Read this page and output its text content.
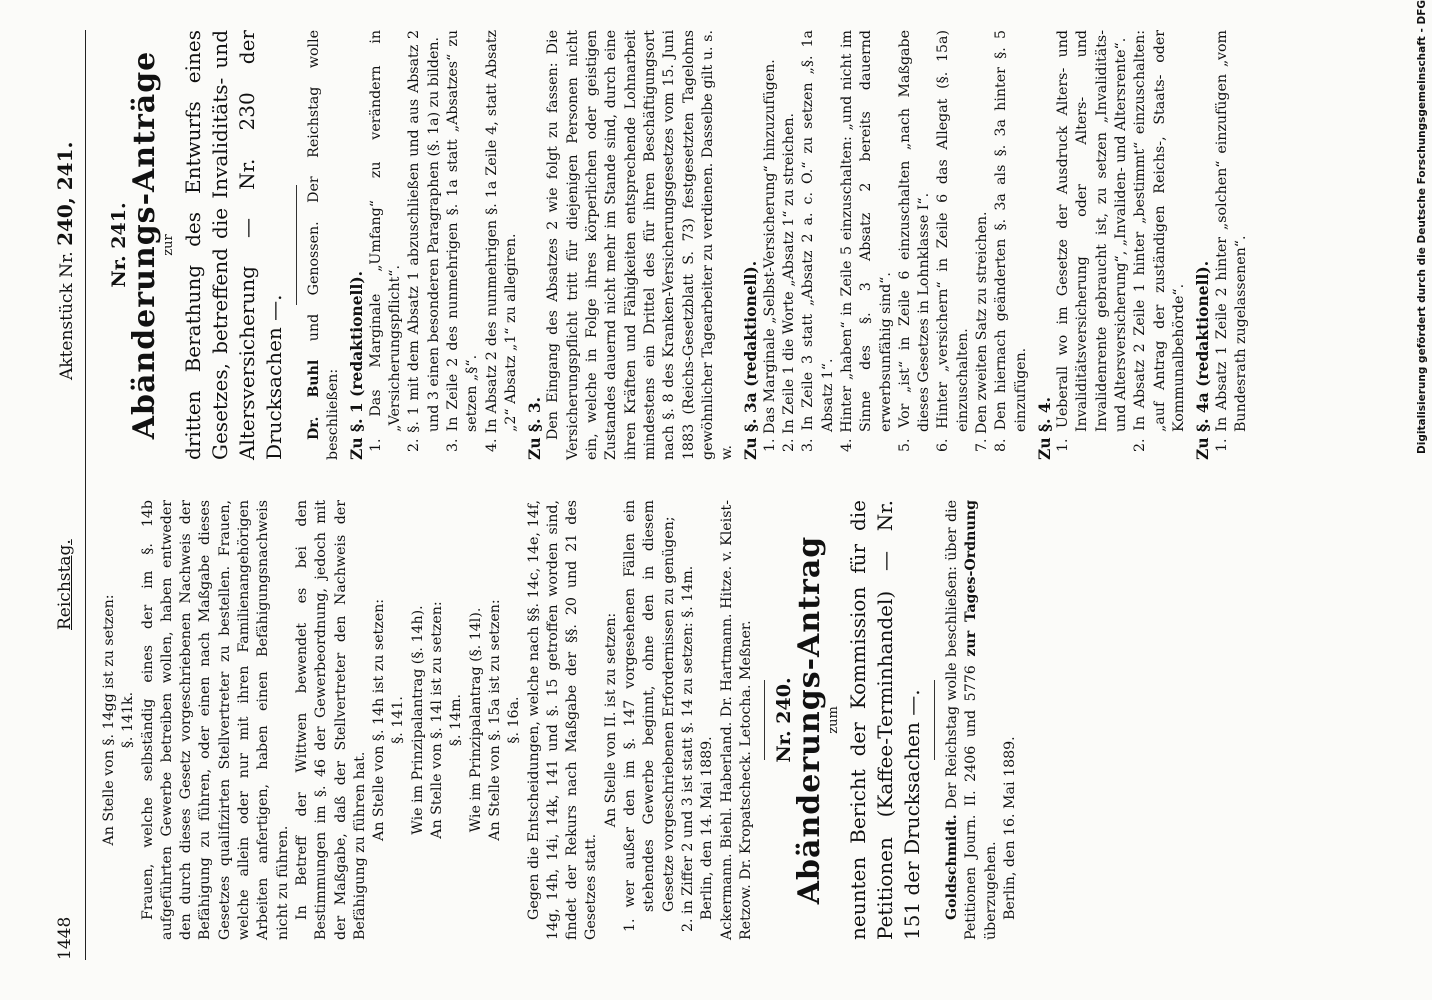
1448
Reichstag.
Aktenstück Nr. 240, 241.

An Stelle von §. 14gg ist zu setzen: §. 141k. Frauen, welche selbständig eines der im §. 14b aufgeführten Gewerbe betreiben wollen, haben entweder den durch dieses Gesetz vorgeschriebenen Nachweis der Befähigung zu führen, oder einen nach Maßgabe dieses Gesetzes qualifizirten Stellvertreter zu bestellen. Frauen, welche allein oder nur mit ihren Familienangehörigen Arbeiten anfertigen, haben einen Befähigungsnachweis nicht zu führen. In Betreff der Wittwen bewendet es bei den Bestimmungen im §. 46 der Gewerbeordnung, jedoch mit der Maßgabe, daß der Stellvertreter den Nachweis der Befähigung zu führen hat.

An Stelle von §. 14h ist zu setzen: §. 141. Wie im Prinzipalantrag (§. 14h). An Stelle von §. 14l ist zu setzen: §. 14m. Wie im Prinzipalantrag (§. 14l). An Stelle von §. 15a ist zu setzen: §. 16a. Gegen die Entscheidungen, welche nach §§. 14c, 14e, 14f, 14g, 14h, 14i, 14k, 141 und §. 15 getroffen worden sind, findet der Rekurs nach Maßgabe der §§. 20 und 21 des Gesetzes statt.

An Stelle von II. ist zu setzen: 1. wer außer den im §. 147 vorgesehenen Fällen ein stehendes Gewerbe beginnt, ohne den in diesem Gesetze vorgeschriebenen Erfordernissen zu genügen; 2. in Ziffer 2 und 3 ist statt §. 14 zu setzen: §. 14m. Berlin, den 14. Mai 1889. Ackermann. Biehl. Haberland. Dr. Hartmann. Hitze. v. Kleist-Retzow. Dr. Kropatscheck. Letocha. Meßner. Nr. 240.

Abänderungs-Antrag

zum neunten Bericht der Kommission für die Petitionen (Kaffee-Terminhandel) — Nr. 151 der Drucksachen —. Goldschmidt. Der Reichstag wolle beschließen: über die Petitionen Journ. II. 2406 und 5776 zur Tages-Ordnung überzugehen. Berlin, den 16. Mai 1889.

Nr. 241.

Abänderungs-Anträge

zur dritten Berathung des Entwurfs eines Gesetzes, betreffend die Invaliditäts- und Altersversicherung — Nr. 230 der Drucksachen —. Dr. Buhl und Genossen. Der Reichstag wolle beschließen: Zu §. 1 (redaktionell). 1. Das Marginale „Umfang“ zu verändern in „Versicherungspflicht“. 2. §. 1 mit dem Absatz 1 abzuschließen und aus Absatz 2 und 3 einen besonderen Paragraphen (§. 1a) zu bilden. 3. In Zeile 2 des nunmehrigen §. 1a statt „Absatzes“ zu setzen „§“. 4. In Absatz 2 des nunmehrigen §. 1a Zeile 4, statt Absatz „2“ Absatz „1“ zu allegiren. Zu §. 3. Den Eingang des Absatzes 2 wie folgt zu fassen: Die Versicherungspflicht tritt für diejenigen Personen nicht ein, welche in Folge ihres körperlichen oder geistigen Zustandes dauernd nicht mehr im Stande sind, durch eine ihren Kräften und Fähigkeiten entsprechende Lohnarbeit mindestens ein Drittel des für ihren Beschäftigungsort nach §. 8 des Kranken-Versicherungsgesetzes vom 15. Juni 1883 (Reichs-Gesetzblatt S. 73) festgesetzten Tagelohns gewöhnlicher Tagearbeiter zu verdienen. Dasselbe gilt u. s. w. Zu §. 3a (redaktionell). 1. Das Marginale „Selbst-Versicherung“ hinzuzufügen. 2. In Zeile 1 die Worte „Absatz 1“ zu streichen. 3. In Zeile 3 statt „Absatz 2 a. c. O.“ zu setzen „§. 1a Absatz 1“. 4. Hinter „haben“ in Zeile 5 einzuschalten: „und nicht im Sinne des §. 3 Absatz 2 bereits dauernd erwerbsunfähig sind“. 5. Vor „ist“ in Zeile 6 einzuschalten „nach Maßgabe dieses Gesetzes in Lohnklasse I“. 6. Hinter „versichern“ in Zeile 6 das Allegat (§. 15a) einzuschalten. 7. Den zweiten Satz zu streichen. 8. Den hiernach geänderten §. 3a als §. 3a hinter §. 5 einzufügen. Zu §. 4. 1. Ueberall wo im Gesetze der Ausdruck Alters- und Invaliditätsversicherung oder Alters- und Invalidenrente gebraucht ist, zu setzen „Invaliditäts- und Altersversicherung“, „Invaliden- und Altersrente“. 2. In Absatz 2 Zeile 1 hinter „bestimmt“ einzuschalten: „auf Antrag der zuständigen Reichs-, Staats- oder Kommunalbehörde“. Zu §. 4a (redaktionell). 1. In Absatz 1 Zeile 2 hinter „solchen“ einzufügen „vom Bundesrath zugelassenen“.	Digitalisierung gefördert durch die Deutsche Forschungsgemeinschaft - DFG
